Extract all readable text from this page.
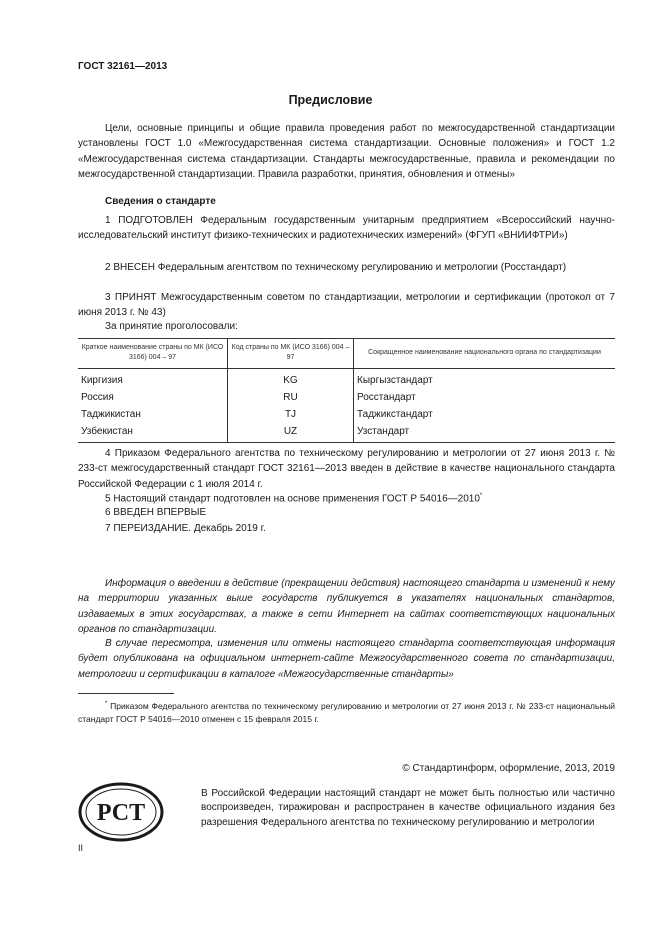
ГОСТ 32161—2013
Предисловие
Цели, основные принципы и общие правила проведения работ по межгосударственной стандартизации установлены ГОСТ 1.0 «Межгосударственная система стандартизации. Основные положения» и ГОСТ 1.2 «Межгосударственная система стандартизации. Стандарты межгосударственные, правила и рекомендации по межгосударственной стандартизации. Правила разработки, принятия, обновления и отмены»
Сведения о стандарте
1 ПОДГОТОВЛЕН Федеральным государственным унитарным предприятием «Всероссийский научно-исследовательский институт физико-технических и радиотехнических измерений» (ФГУП «ВНИИФТРИ»)
2 ВНЕСЕН Федеральным агентством по техническому регулированию и метрологии (Росстандарт)
3 ПРИНЯТ Межгосударственным советом по стандартизации, метрологии и сертификации (протокол от 7 июня 2013 г. № 43)
За принятие проголосовали:
Краткое наименование страны по МК (ИСО 3166) 004 – 97	Код страны по МК (ИСО 3166) 004 – 97	Сокращенное наименование национального органа по стандартизации
Киргизия	KG	Кыргызстандарт
Россия	RU	Росстандарт
Таджикистан	TJ	Таджикстандарт
Узбекистан	UZ	Узстандарт
4 Приказом Федерального агентства по техническому регулированию и метрологии от 27 июня 2013 г. № 233-ст межгосударственный стандарт ГОСТ 32161—2013 введен в действие в качестве национального стандарта Российской Федерации с 1 июля 2014 г.
5 Настоящий стандарт подготовлен на основе применения ГОСТ Р 54016—2010*
6 ВВЕДЕН ВПЕРВЫЕ
7 ПЕРЕИЗДАНИЕ. Декабрь 2019 г.
Информация о введении в действие (прекращении действия) настоящего стандарта и изменений к нему на территории указанных выше государств публикуется в указателях национальных стандартов, издаваемых в этих государствах, а также в сети Интернет на сайтах соответствующих национальных органов по стандартизации.
В случае пересмотра, изменения или отмены настоящего стандарта соответствующая информация будет опубликована на официальном интернет-сайте Межгосударственного совета по стандартизации, метрологии и сертификации в каталоге «Межгосударственные стандарты»
* Приказом Федерального агентства по техническому регулированию и метрологии от 27 июня 2013 г. № 233-ст национальный стандарт ГОСТ Р 54016—2010 отменен с 15 февраля 2015 г.
© Стандартинформ, оформление, 2013, 2019
РСТ
В Российской Федерации настоящий стандарт не может быть полностью или частично воспроизведен, тиражирован и распространен в качестве официального издания без разрешения Федерального агентства по техническому регулированию и метрологии
II
